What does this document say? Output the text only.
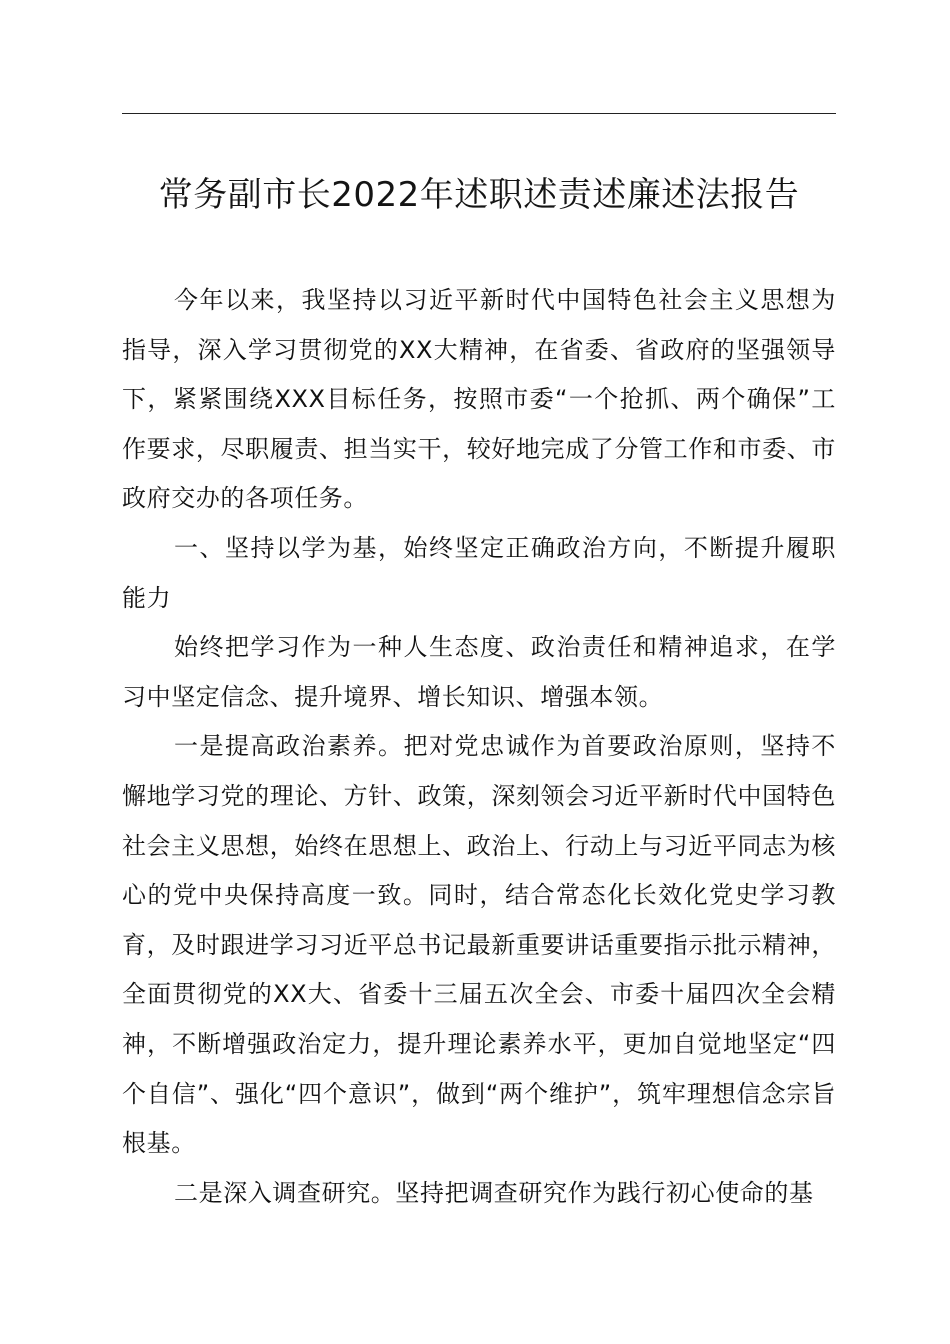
常务副市长2022年述职述责述廉述法报告

今年以来，我坚持以习近平新时代中国特色社会主义思想为指导，深入学习贯彻党的XX大精神，在省委、省政府的坚强领导下，紧紧围绕XXX目标任务，按照市委“一个抢抓、两个确保”工作要求，尽职履责、担当实干，较好地完成了分管工作和市委、市政府交办的各项任务。

一、坚持以学为基，始终坚定正确政治方向，不断提升履职能力

始终把学习作为一种人生态度、政治责任和精神追求，在学习中坚定信念、提升境界、增长知识、增强本领。

一是提高政治素养。把对党忠诚作为首要政治原则，坚持不懈地学习党的理论、方针、政策，深刻领会习近平新时代中国特色社会主义思想，始终在思想上、政治上、行动上与习近平同志为核心的党中央保持高度一致。同时，结合常态化长效化党史学习教育，及时跟进学习习近平总书记最新重要讲话重要指示批示精神，全面贯彻党的XX大、省委十三届五次全会、市委十届四次全会精神，不断增强政治定力，提升理论素养水平，更加自觉地坚定“四个自信”、强化“四个意识”，做到“两个维护”，筑牢理想信念宗旨根基。

二是深入调查研究。坚持把调查研究作为践行初心使命的基
